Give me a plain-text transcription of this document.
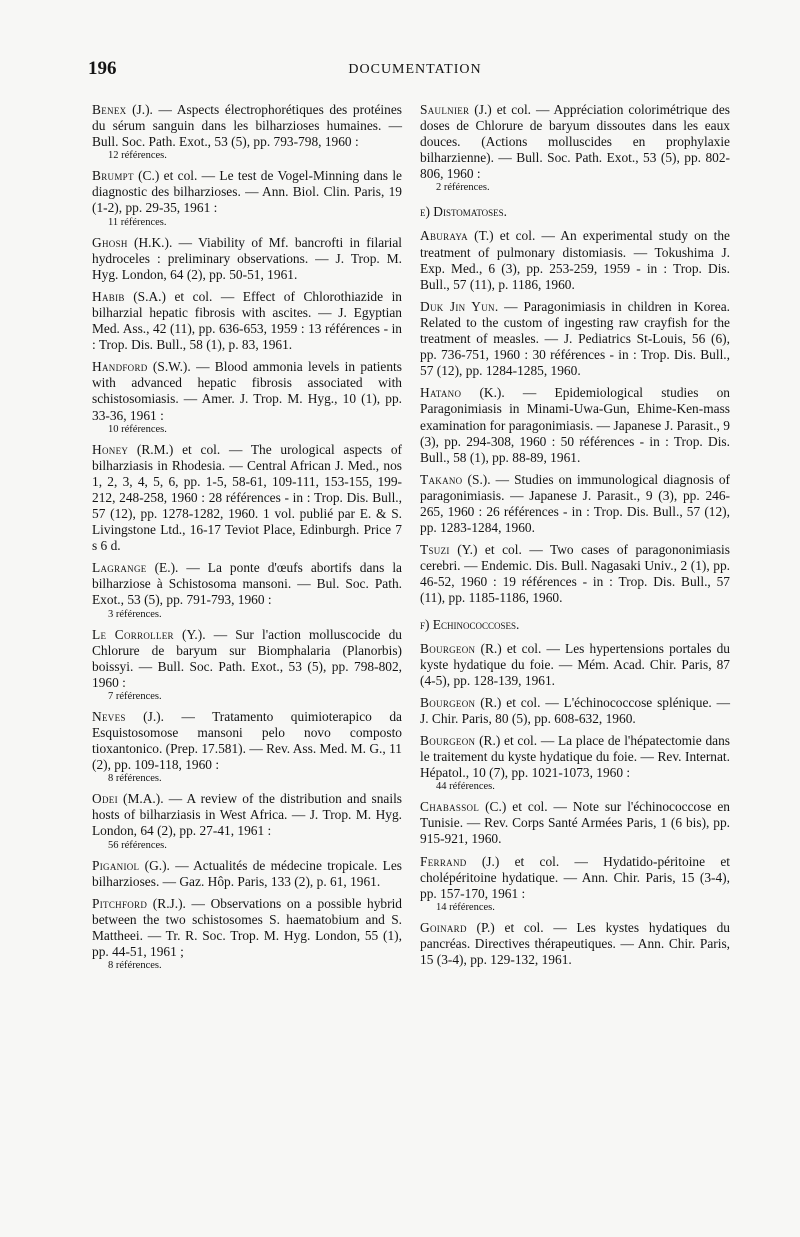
196	DOCUMENTATION

Benex (J.). — Aspects électrophorétiques des protéines du sérum sanguin dans les bilharzioses humaines. — Bull. Soc. Path. Exot., 53 (5), pp. 793-798, 1960 :
12 références.

Brumpt (C.) et col. — Le test de Vogel-Minning dans le diagnostic des bilharzioses. — Ann. Biol. Clin. Paris, 19 (1-2), pp. 29-35, 1961 :
11 références.

Ghosh (H.K.). — Viability of Mf. bancrofti in filarial hydroceles : preliminary observations. — J. Trop. M. Hyg. London, 64 (2), pp. 50-51, 1961.

Habib (S.A.) et col. — Effect of Chlorothiazide in bilharzial hepatic fibrosis with ascites. — J. Egyptian Med. Ass., 42 (11), pp. 636-653, 1959 : 13 références - in : Trop. Dis. Bull., 58 (1), p. 83, 1961.

Handford (S.W.). — Blood ammonia levels in patients with advanced hepatic fibrosis associated with schistosomiasis. — Amer. J. Trop. M. Hyg., 10 (1), pp. 33-36, 1961 :
10 références.

Honey (R.M.) et col. — The urological aspects of bilharziasis in Rhodesia. — Central African J. Med., nos 1, 2, 3, 4, 5, 6, pp. 1-5, 58-61, 109-111, 153-155, 199-212, 248-258, 1960 : 28 références - in : Trop. Dis. Bull., 57 (12), pp. 1278-1282, 1960. 1 vol. publié par E. & S. Livingstone Ltd., 16-17 Teviot Place, Edinburgh. Price 7 s 6 d.

Lagrange (E.). — La ponte d'œufs abortifs dans la bilharziose à Schistosoma mansoni. — Bul. Soc. Path. Exot., 53 (5), pp. 791-793, 1960 :
3 références.

Le Corroller (Y.). — Sur l'action molluscocide du Chlorure de baryum sur Biomphalaria (Planorbis) boissyi. — Bull. Soc. Path. Exot., 53 (5), pp. 798-802, 1960 :
7 références.

Neves (J.). — Tratamento quimioterapico da Esquistosomose mansoni pelo novo composto tioxantonico. (Prep. 17.581). — Rev. Ass. Med. M. G., 11 (2), pp. 109-118, 1960 :
8 références.

Odei (M.A.). — A review of the distribution and snails hosts of bilharziasis in West Africa. — J. Trop. M. Hyg. London, 64 (2), pp. 27-41, 1961 :
56 références.

Piganiol (G.). — Actualités de médecine tropicale. Les bilharzioses. — Gaz. Hôp. Paris, 133 (2), p. 61, 1961.

Pitchford (R.J.). — Observations on a possible hybrid between the two schistosomes S. haematobium and S. Mattheei. — Tr. R. Soc. Trop. M. Hyg. London, 55 (1), pp. 44-51, 1961 ;
8 références.

Saulnier (J.) et col. — Appréciation colorimétrique des doses de Chlorure de baryum dissoutes dans les eaux douces. (Actions molluscides en prophylaxie bilharzienne). — Bull. Soc. Path. Exot., 53 (5), pp. 802-806, 1960 :
2 références.

e) Distomatoses.

Aburaya (T.) et col. — An experimental study on the treatment of pulmonary distomiasis. — Tokushima J. Exp. Med., 6 (3), pp. 253-259, 1959 - in : Trop. Dis. Bull., 57 (11), p. 1186, 1960.

Duk Jin Yun. — Paragonimiasis in children in Korea. Related to the custom of ingesting raw crayfish for the treatment of measles. — J. Pediatrics St-Louis, 56 (6), pp. 736-751, 1960 : 30 références - in : Trop. Dis. Bull., 57 (12), pp. 1284-1285, 1960.

Hatano (K.). — Epidemiological studies on Paragonimiasis in Minami-Uwa-Gun, Ehime-Ken-mass examination for paragonimiasis. — Japanese J. Parasit., 9 (3), pp. 294-308, 1960 : 50 références - in : Trop. Dis. Bull., 58 (1), pp. 88-89, 1961.

Takano (S.). — Studies on immunological diagnosis of paragonimiasis. — Japanese J. Parasit., 9 (3), pp. 246-265, 1960 : 26 références - in : Trop. Dis. Bull., 57 (12), pp. 1283-1284, 1960.

Tsuzi (Y.) et col. — Two cases of paragononimiasis cerebri. — Endemic. Dis. Bull. Nagasaki Univ., 2 (1), pp. 46-52, 1960 : 19 références - in : Trop. Dis. Bull., 57 (11), pp. 1185-1186, 1960.

f) Echinococcoses.

Bourgeon (R.) et col. — Les hypertensions portales du kyste hydatique du foie. — Mém. Acad. Chir. Paris, 87 (4-5), pp. 128-139, 1961.

Bourgeon (R.) et col. — L'échinococcose splénique. — J. Chir. Paris, 80 (5), pp. 608-632, 1960.

Bourgeon (R.) et col. — La place de l'hépatectomie dans le traitement du kyste hydatique du foie. — Rev. Internat. Hépatol., 10 (7), pp. 1021-1073, 1960 :
44 références.

Chabassol (C.) et col. — Note sur l'échinococcose en Tunisie. — Rev. Corps Santé Armées Paris, 1 (6 bis), pp. 915-921, 1960.

Ferrand (J.) et col. — Hydatido-péritoine et cholépéritoine hydatique. — Ann. Chir. Paris, 15 (3-4), pp. 157-170, 1961 :
14 références.

Goinard (P.) et col. — Les kystes hydatiques du pancréas. Directives thérapeutiques. — Ann. Chir. Paris, 15 (3-4), pp. 129-132, 1961.
